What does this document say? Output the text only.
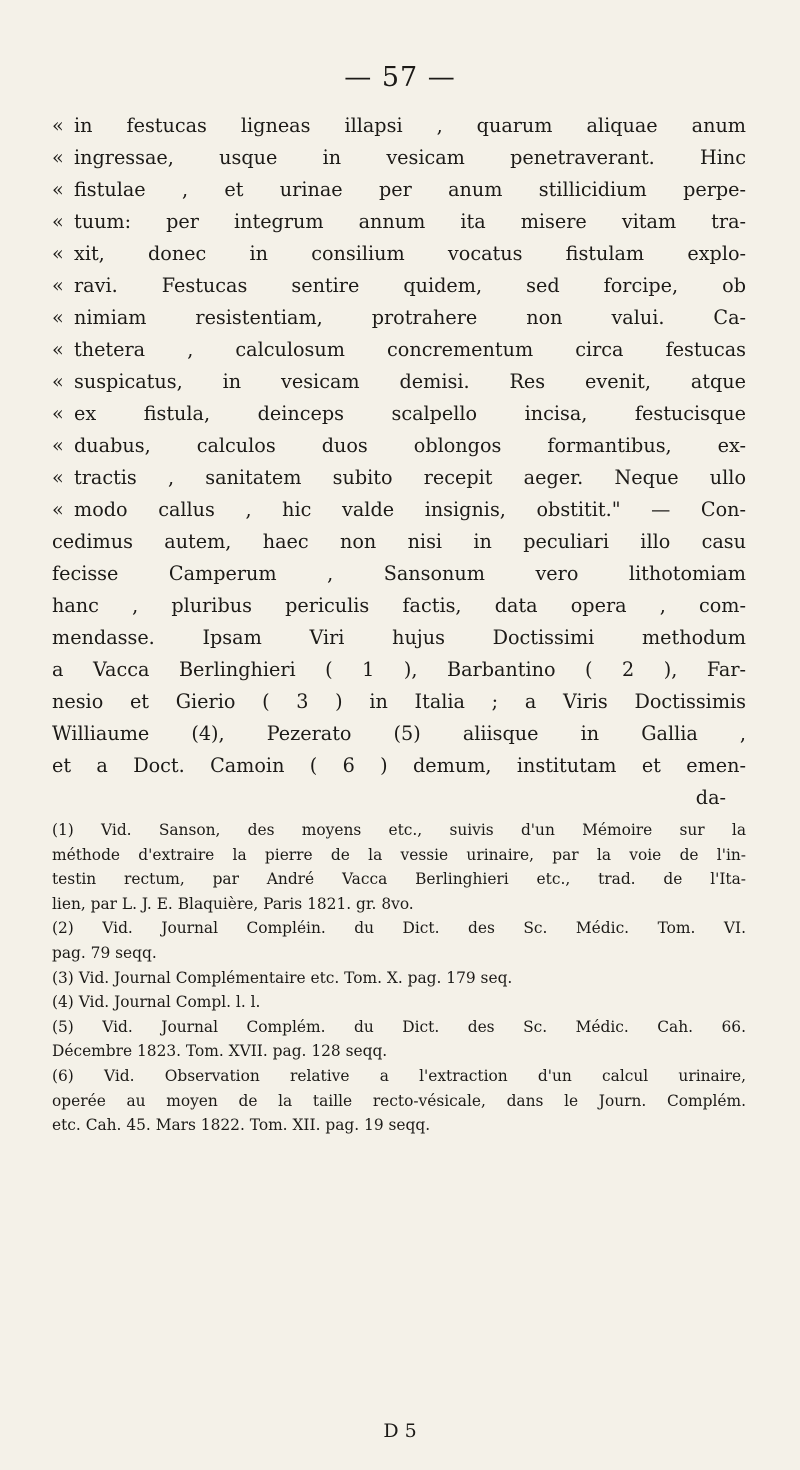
— 57 —
« in festucas ligneas illapsi , quarum aliquae anum
« ingressae, usque in vesicam penetraverant. Hinc
« fistulae , et urinae per anum stillicidium perpe-
« tuum: per integrum annum ita misere vitam tra-
« xit, donec in consilium vocatus fistulam explo-
« ravi. Festucas sentire quidem, sed forcipe, ob
« nimiam resistentiam, protrahere non valui. Ca-
« thetera , calculosum concrementum circa festucas
« suspicatus, in vesicam demisi. Res evenit, atque
« ex fistula, deinceps scalpello incisa, festucisque
« duabus, calculos duos oblongos formantibus, ex-
« tractis , sanitatem subito recepit aeger. Neque ullo
« modo callus , hic valde insignis, obstitit." — Con-
cedimus autem, haec non nisi in peculiari illo casu
fecisse Camperum , Sansonum vero lithotomiam
hanc , pluribus periculis factis, data opera , com-
mendasse. Ipsam Viri hujus Doctissimi methodum
a Vacca Berlinghieri ( 1 ), Barbantino ( 2 ), Far-
nesio et Gierio ( 3 ) in Italia ; a Viris Doctissimis
Williaume (4), Pezerato (5) aliisque in Gallia ,
et a Doct. Camoin ( 6 ) demum, institutam et emen-
da-
(1) Vid. Sanson, des moyens etc., suivis d'un Mémoire sur la
méthode d'extraire la pierre de la vessie urinaire, par la voie de l'in-
testin rectum, par André Vacca Berlinghieri etc., trad. de l'Ita-
lien, par L. J. E. Blaquière, Paris 1821. gr. 8vo.
(2) Vid. Journal Compléin. du Dict. des Sc. Médic. Tom. VI.
pag. 79 seqq.
(3) Vid. Journal Complémentaire etc. Tom. X. pag. 179 seq.
(4) Vid. Journal Compl. l. l.
(5) Vid. Journal Complém. du Dict. des Sc. Médic. Cah. 66.
Décembre 1823. Tom. XVII. pag. 128 seqq.
(6) Vid. Observation relative a l'extraction d'un calcul urinaire,
operée au moyen de la taille recto-vésicale, dans le Journ. Complém.
etc. Cah. 45. Mars 1822. Tom. XII. pag. 19 seqq.
D 5
